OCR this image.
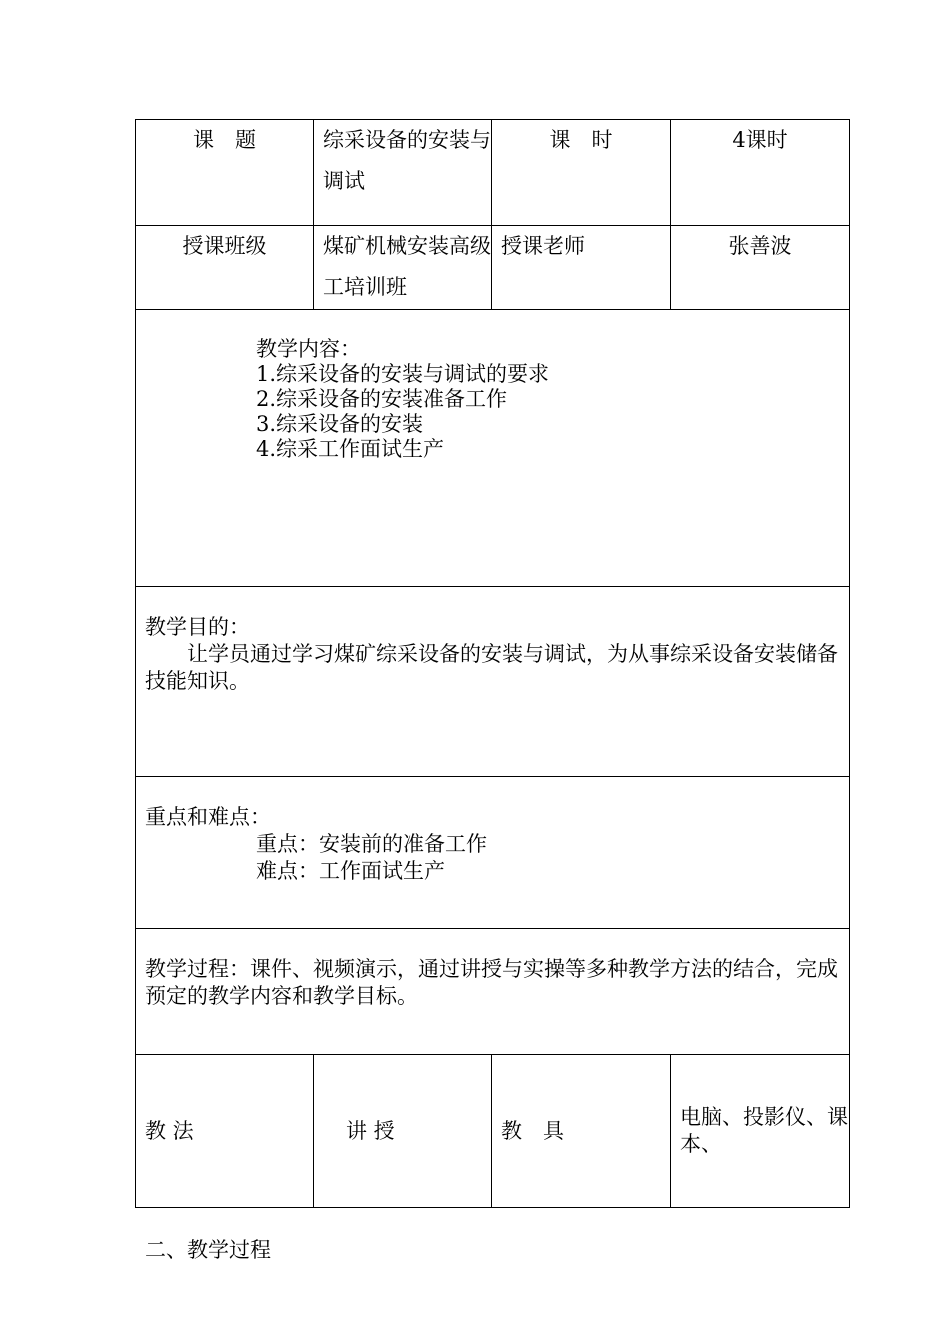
课　题	综采设备的安装与调试	课　时	4课时
授课班级	煤矿机械安装高级工培训班	授课老师	张善波

教学内容：
1.综采设备的安装与调试的要求
2.综采设备的安装准备工作
3.综采设备的安装
4.综采工作面试生产			

教学目的：
让学员通过学习煤矿综采设备的安装与调试，为从事综采设备安装储备技能知识。			

重点和难点：
重点：安装前的准备工作
难点：工作面试生产			

教学过程：课件、视频演示，通过讲授与实操等多种教学方法的结合，完成预定的教学内容和教学目标。			

教 法	讲 授	教　具	电脑、投影仪、课本、
二、教学过程
